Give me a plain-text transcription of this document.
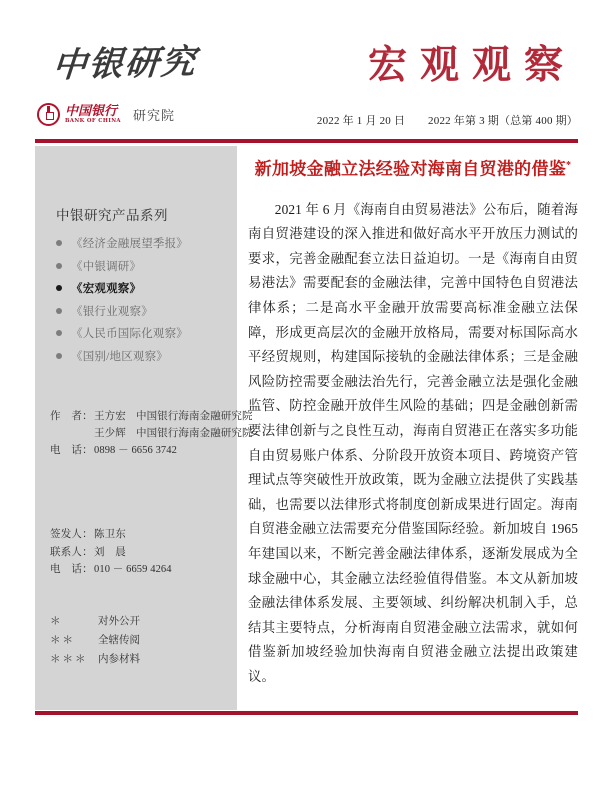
中银研究	宏观观察
中国银行
BANK OF CHINA 研究院	2022 年 1 月 20 日 2022 年第 3 期（总第 400 期）
中银研究产品系列
《经济金融展望季报》
《中银调研》
《宏观观察》
《银行业观察》
《人民币国际化观察》
《国别/地区观察》
作　者： 王方宏 中国银行海南金融研究院
王少辉 中国银行海南金融研究院
电　话： 0898 － 6656 3742
签发人： 陈卫东
联系人： 刘　晨
电　话： 010 － 6659 4264
＊	对外公开
＊＊	全辖传阅
＊＊＊	内参材料
新加坡金融立法经验对海南自贸港的借鉴*

2021 年 6 月《海南自由贸易港法》公布后，随着海南自贸港建设的深入推进和做好高水平开放压力测试的要求，完善金融配套立法日益迫切。一是《海南自由贸易港法》需要配套的金融法律，完善中国特色自贸港法律体系；二是高水平金融开放需要高标准金融立法保障，形成更高层次的金融开放格局，需要对标国际高水平经贸规则，构建国际接轨的金融法律体系；三是金融风险防控需要金融法治先行，完善金融立法是强化金融监管、防控金融开放伴生风险的基础；四是金融创新需要法律创新与之良性互动，海南自贸港正在落实多功能自由贸易账户体系、分阶段开放资本项目、跨境资产管理试点等突破性开放政策，既为金融立法提供了实践基础，也需要以法律形式将制度创新成果进行固定。海南自贸港金融立法需要充分借鉴国际经验。新加坡自 1965 年建国以来，不断完善金融法律体系，逐渐发展成为全球金融中心，其金融立法经验值得借鉴。本文从新加坡金融法律体系发展、主要领域、纠纷解决机制入手，总结其主要特点，分析海南自贸港金融立法需求，就如何借鉴新加坡经验加快海南自贸港金融立法提出政策建议。
